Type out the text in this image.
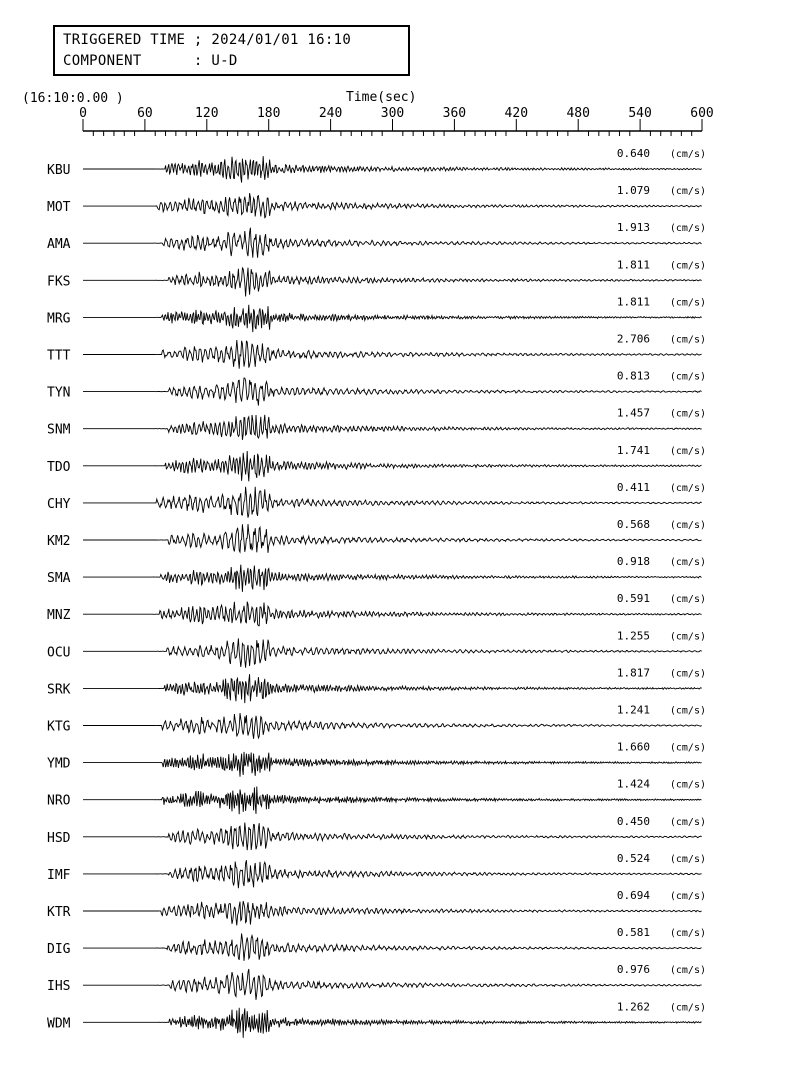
TRIGGERED TIME ; 2024/01/01 16:10
COMPONENT      : U-D
(16:10:0.00 )	Time(sec)
0	60	120	180	240	300	360	420	480	540	600
KBU
0.640 (cm/s)
MOT
1.079 (cm/s)
AMA
1.913 (cm/s)
FKS
1.811 (cm/s)
MRG
1.811 (cm/s)
TTT
2.706 (cm/s)
TYN
0.813 (cm/s)
SNM
1.457 (cm/s)
TDO
1.741 (cm/s)
CHY
0.411 (cm/s)
KM2
0.568 (cm/s)
SMA
0.918 (cm/s)
MNZ
0.591 (cm/s)
OCU
1.255 (cm/s)
SRK
1.817 (cm/s)
KTG
1.241 (cm/s)
YMD
1.660 (cm/s)
NRO
1.424 (cm/s)
HSD
0.450 (cm/s)
IMF
0.524 (cm/s)
KTR
0.694 (cm/s)
DIG
0.581 (cm/s)
IHS
0.976 (cm/s)
WDM
1.262 (cm/s)
